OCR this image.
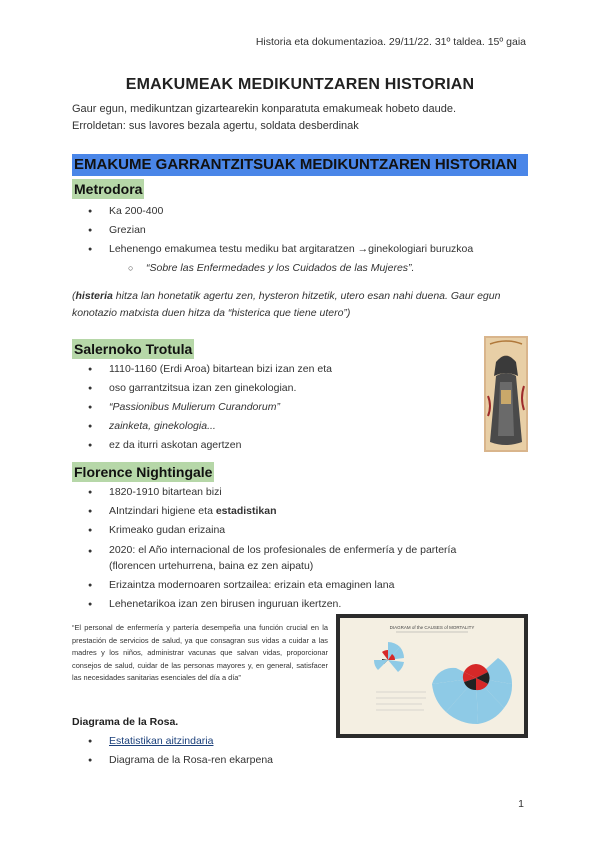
Historia eta dokumentazioa. 29/11/22. 31º taldea. 15º gaia
EMAKUMEAK MEDIKUNTZAREN HISTORIAN
Gaur egun, medikuntzan gizartearekin konparatuta emakumeak hobeto daude.
Erroldetan: sus lavores bezala agertu, soldata desberdinak
EMAKUME GARRANTZITSUAK MEDIKUNTZAREN HISTORIAN
Metrodora
● Ka 200-400
● Grezian
● Lehenengo emakumea testu mediku bat argitaratzen →ginekologiari buruzkoa
○ “Sobre las Enfermedades y los Cuidados de las Mujeres”.
(histeria hitza lan honetatik agertu zen, hysteron hitzetik, utero esan nahi duena. Gaur egun konotazio matxista duen hitza da “histerica que tiene utero”)
Salernoko Trotula
● 1110-1160 (Erdi Aroa) bitartean bizi izan zen eta
● oso garrantzitsua izan zen ginekologian.
● “Passionibus Mulierum Curandorum”
● zainketa, ginekologia...
● ez da iturri askotan agertzen
Florence Nightingale
● 1820-1910 bitartean bizi
● AIntzindari higiene eta estadistikan
● Krimeako gudan erizaina
● 2020: el Año internacional de los profesionales de enfermería y de partería
(florencen urtehurrena, baina ez zen aipatu)
● Erizaintza modernoaren sortzailea: erizain eta emaginen lana
● Lehenetarikoa izan zen birusen inguruan ikertzen.
“El personal de enfermería y partería desempeña una función crucial en la prestación de servicios de salud, ya que consagran sus vidas a cuidar a las madres y los niños, administrar vacunas que salvan vidas, proporcionar consejos de salud, cuidar de las personas mayores y, en general, satisfacer las necesidades sanitarias esenciales del día a día”
DIAGRAM of the CAUSES of MORTALITY
Diagrama de la Rosa.
● Estatistikan aitzindaria
● Diagrama de la Rosa-ren ekarpena
1
